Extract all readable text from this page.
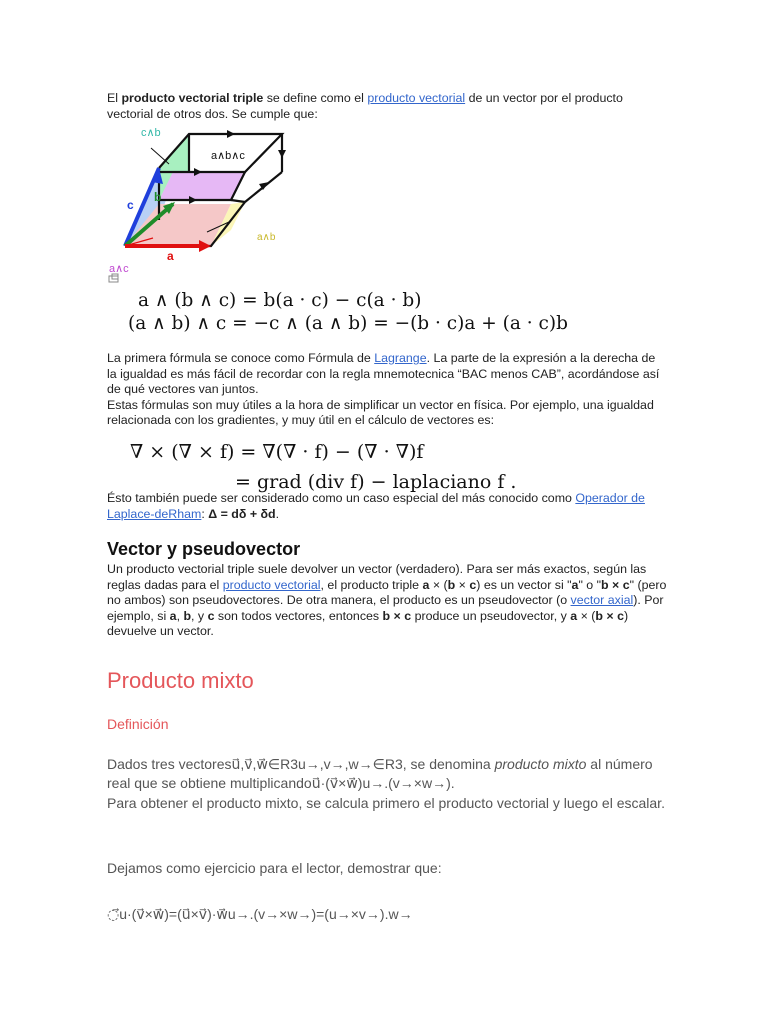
El producto vectorial triple se define como el producto vectorial de un vector por el producto vectorial de otros dos. Se cumple que:

c∧b
a∧b∧c
c
b
a
a∧b
a∧c
a ∧ (b ∧ c) = b(a · c) − c(a · b)
(a ∧ b) ∧ c = −c ∧ (a ∧ b) = −(b · c)a + (a · c)b
La primera fórmula se conoce como Fórmula de Lagrange. La parte de la expresión a la derecha de la igualdad es más fácil de recordar con la regla mnemotecnica “BAC menos CAB”, acordándose así de qué vectores van juntos.
Estas fórmulas son muy útiles a la hora de simplificar un vector en física. Por ejemplo, una igualdad relacionada con los gradientes, y muy útil en el cálculo de vectores es:
∇ × (∇ × f) = ∇(∇ · f) − (∇ · ∇)f
= grad (div f) − laplaciano f .
Ésto también puede ser considerado como un caso especial del más conocido como Operador de Laplace-deRham: Δ = dδ + δd.
Vector y pseudovector
Un producto vectorial triple suele devolver un vector (verdadero). Para ser más exactos, según las reglas dadas para el producto vectorial, el producto triple a × (b × c) es un vector si "a" o "b × c" (pero no ambos) son pseudovectores. De otra manera, el producto es un pseudovector (o vector axial). Por ejemplo, si a, b, y c son todos vectores, entonces b × c produce un pseudovector, y a × (b × c) devuelve un vector.
Producto mixto
Definición
Dados tres vectoresu⃗,v⃗,w⃗∈R3u→,v→,w→∈R3, se denomina producto mixto al número real que se obtiene multiplicandou⃗·(v⃗×w⃗)u→.(v→×w→).
Para obtener el producto mixto, se calcula primero el producto vectorial y luego el escalar.
Dejamos como ejercicio para el lector, demostrar que:
◌⃗u·(v⃗×w⃗)=(u⃗×v⃗)·w⃗u→.(v→×w→)=(u→×v→).w→
